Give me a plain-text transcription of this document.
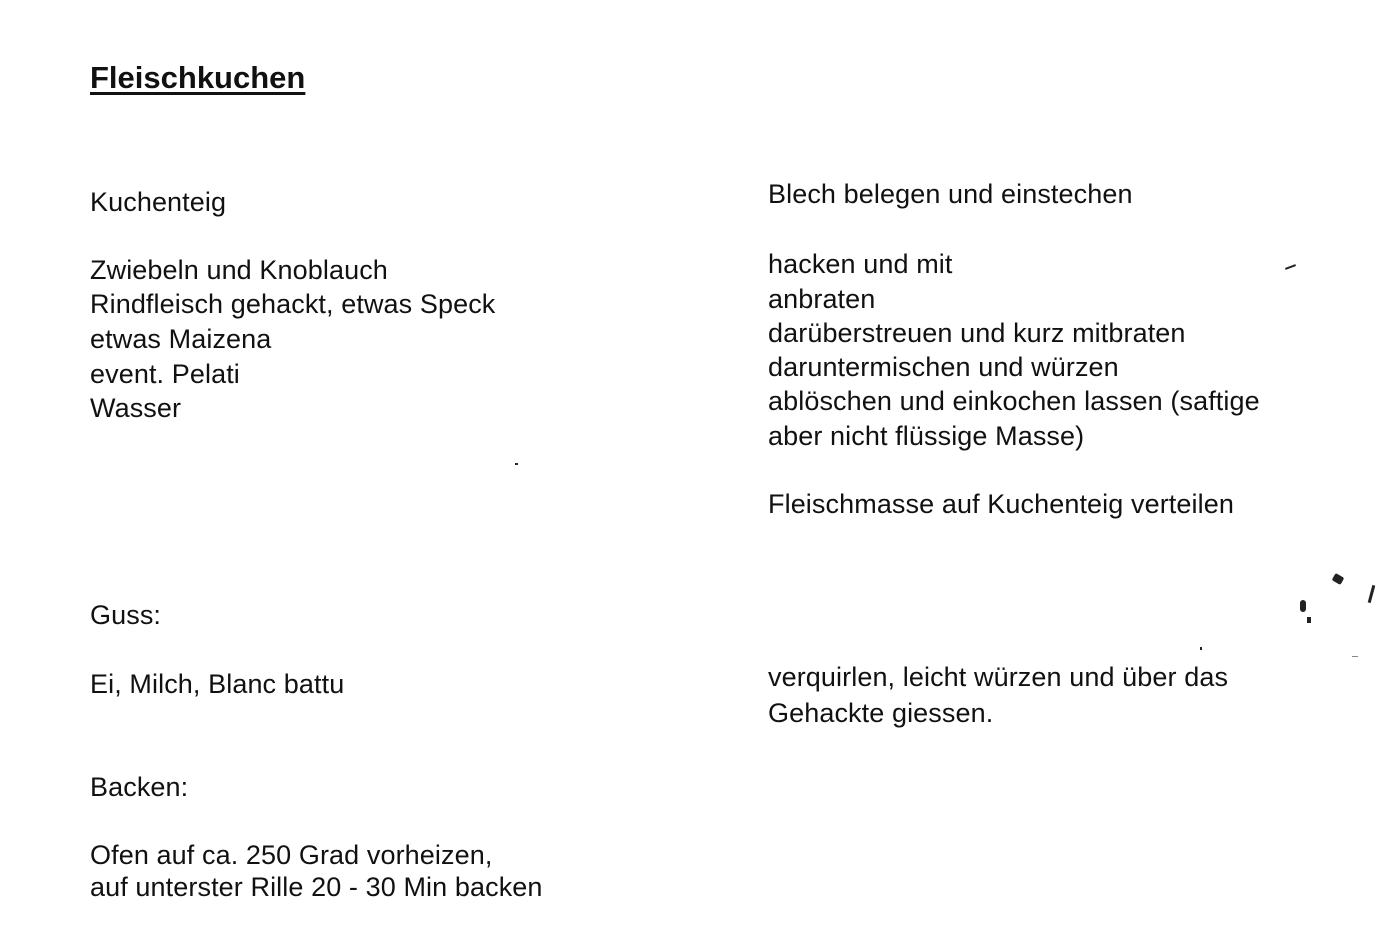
Fleischkuchen
Kuchenteig
Zwiebeln und Knoblauch
Rindfleisch gehackt, etwas Speck
etwas Maizena
event. Pelati
Wasser
Guss:
Ei, Milch, Blanc battu
Backen:
Ofen auf ca. 250 Grad vorheizen,
auf unterster Rille 20 - 30 Min backen
Blech belegen und einstechen
hacken und mit
anbraten
darüberstreuen und kurz mitbraten
daruntermischen und würzen
ablöschen und einkochen lassen (saftige
aber nicht flüssige Masse)
Fleischmasse auf Kuchenteig verteilen
verquirlen, leicht würzen und über das
Gehackte giessen.
